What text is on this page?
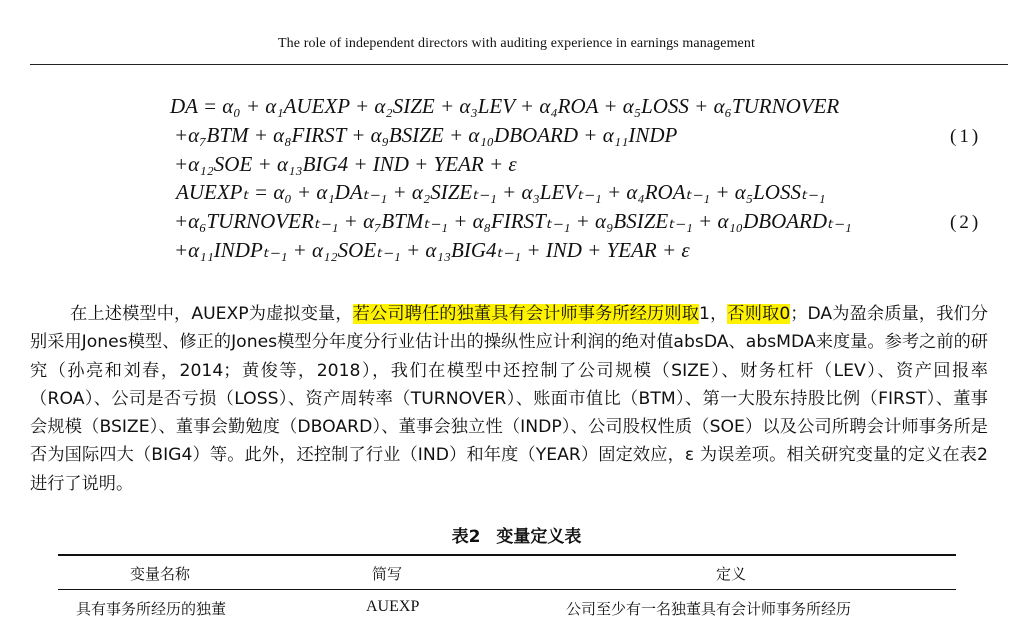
The role of independent directors with auditing experience in earnings management
DA = α₀ + α₁AUEXP + α₂SIZE + α₃LEV + α₄ROA + α₅LOSS + α₆TURNOVER
+α₇BTM + α₈FIRST + α₉BSIZE + α₁₀DBOARD + α₁₁INDP	(1)
+α₁₂SOE + α₁₃BIG4 + IND + YEAR + ε
AUEXPₜ = α₀ + α₁DAₜ₋₁ + α₂SIZEₜ₋₁ + α₃LEVₜ₋₁ + α₄ROAₜ₋₁ + α₅LOSSₜ₋₁
+α₆TURNOVERₜ₋₁ + α₇BTMₜ₋₁ + α₈FIRSTₜ₋₁ + α₉BSIZEₜ₋₁ + α₁₀DBOARDₜ₋₁	(2)
+α₁₁INDPₜ₋₁ + α₁₂SOEₜ₋₁ + α₁₃BIG4ₜ₋₁ + IND + YEAR + ε
在上述模型中，AUEXP为虚拟变量，若公司聘任的独董具有会计师事务所经历则取1，否则取0；DA为盈余质量，我们分别采用Jones模型、修正的Jones模型分年度分行业估计出的操纵性应计利润的绝对值absDA、absMDA来度量。参考之前的研究（孙亮和刘春，2014；黄俊等，2018），我们在模型中还控制了公司规模（SIZE）、财务杠杆（LEV）、资产回报率（ROA）、公司是否亏损（LOSS）、资产周转率（TURNOVER）、账面市值比（BTM）、第一大股东持股比例（FIRST）、董事会规模（BSIZE）、董事会勤勉度（DBOARD）、董事会独立性（INDP）、公司股权性质（SOE）以及公司所聘会计师事务所是否为国际四大（BIG4）等。此外，还控制了行业（IND）和年度（YEAR）固定效应，ε 为误差项。相关研究变量的定义在表2进行了说明。
表2 变量定义表
变量名称	简写	定义
具有事务所经历的独董	AUEXP	公司至少有一名独董具有会计师事务所经历
